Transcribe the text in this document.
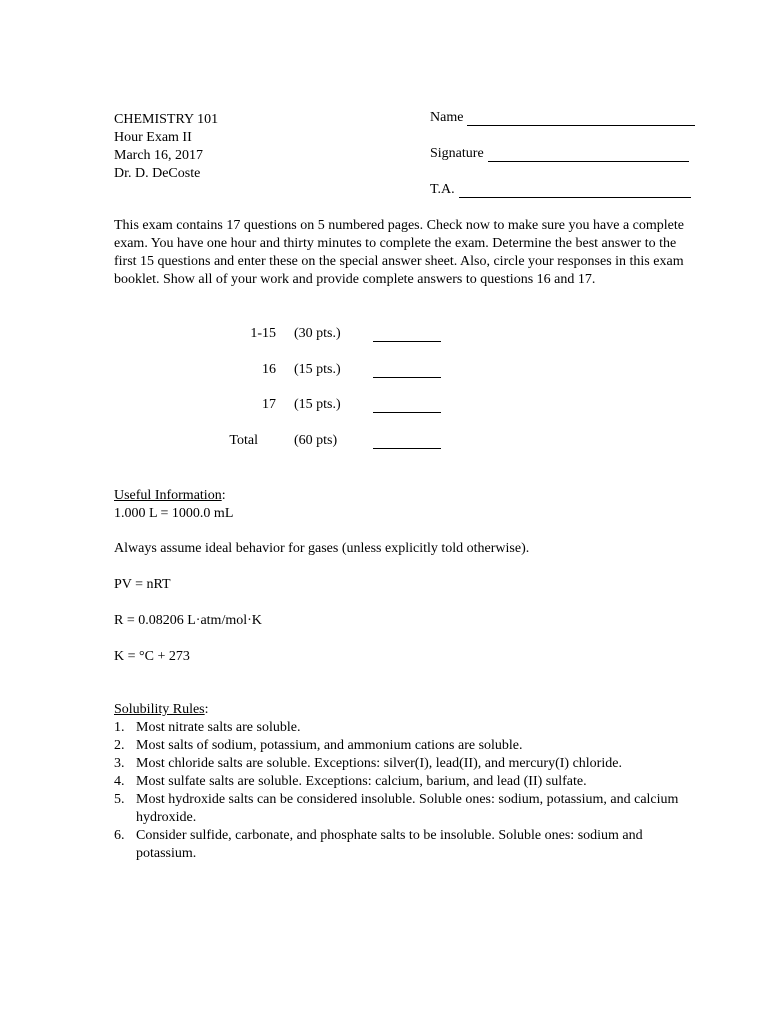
CHEMISTRY 101
Hour Exam II
March 16, 2017
Dr. D. DeCoste
Name
Signature
T.A.
This exam contains 17 questions on 5 numbered pages. Check now to make sure you have a complete exam. You have one hour and thirty minutes to complete the exam. Determine the best answer to the first 15 questions and enter these on the special answer sheet. Also, circle your responses in this exam booklet. Show all of your work and provide complete answers to questions 16 and 17.
1-15 (30 pts.)
16 (15 pts.)
17 (15 pts.)
Total	(60 pts)
Useful Information:
1.000 L = 1000.0 mL
Always assume ideal behavior for gases (unless explicitly told otherwise).
PV = nRT
R = 0.08206 L·atm/mol·K
K = °C + 273
Solubility Rules:
1. Most nitrate salts are soluble.
2. Most salts of sodium, potassium, and ammonium cations are soluble.
3. Most chloride salts are soluble. Exceptions: silver(I), lead(II), and mercury(I) chloride.
4. Most sulfate salts are soluble. Exceptions: calcium, barium, and lead (II) sulfate.
5. Most hydroxide salts can be considered insoluble. Soluble ones: sodium, potassium, and calcium hydroxide.
6. Consider sulfide, carbonate, and phosphate salts to be insoluble. Soluble ones: sodium and potassium.
